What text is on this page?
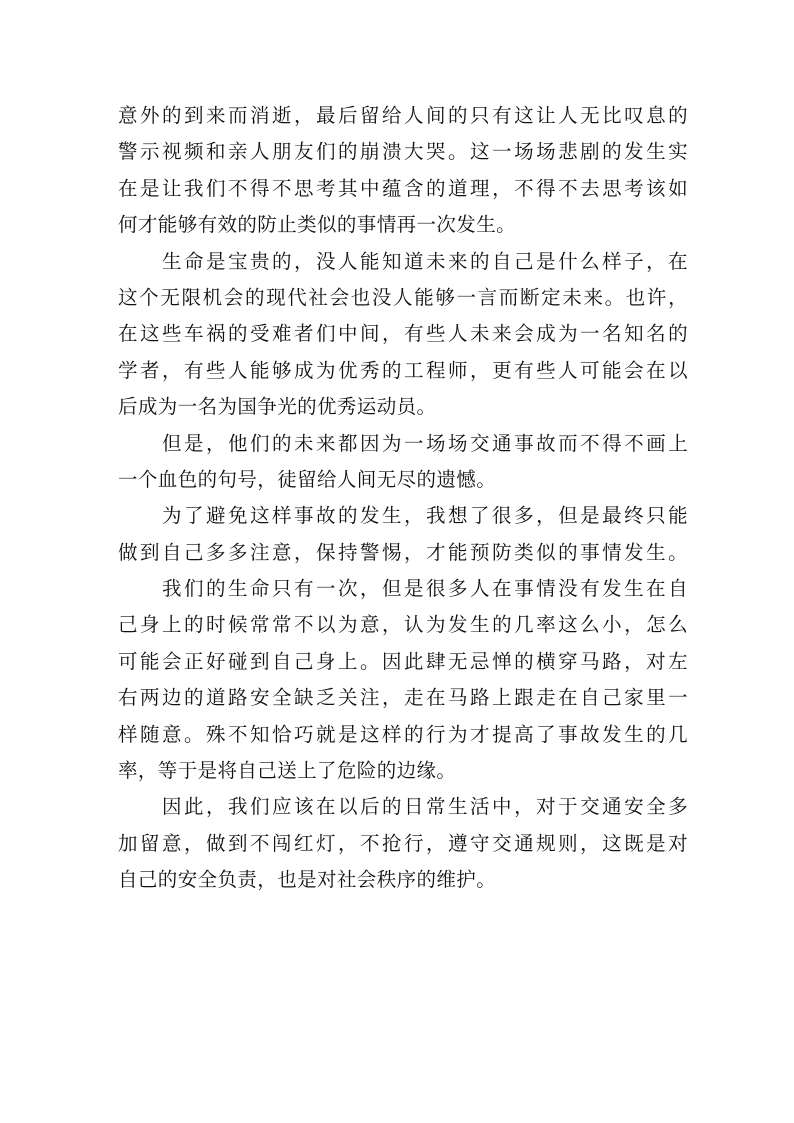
意外的到来而消逝，最后留给人间的只有这让人无比叹息的
警示视频和亲人朋友们的崩溃大哭。这一场场悲剧的发生实
在是让我们不得不思考其中蕴含的道理，不得不去思考该如
何才能够有效的防止类似的事情再一次发生。
生命是宝贵的，没人能知道未来的自己是什么样子，在
这个无限机会的现代社会也没人能够一言而断定未来。也许，
在这些车祸的受难者们中间，有些人未来会成为一名知名的
学者，有些人能够成为优秀的工程师，更有些人可能会在以
后成为一名为国争光的优秀运动员。
但是，他们的未来都因为一场场交通事故而不得不画上
一个血色的句号，徒留给人间无尽的遗憾。
为了避免这样事故的发生，我想了很多，但是最终只能
做到自己多多注意，保持警惕，才能预防类似的事情发生。
我们的生命只有一次，但是很多人在事情没有发生在自
己身上的时候常常不以为意，认为发生的几率这么小，怎么
可能会正好碰到自己身上。因此肆无忌惮的横穿马路，对左
右两边的道路安全缺乏关注，走在马路上跟走在自己家里一
样随意。殊不知恰巧就是这样的行为才提高了事故发生的几
率，等于是将自己送上了危险的边缘。
因此，我们应该在以后的日常生活中，对于交通安全多
加留意，做到不闯红灯，不抢行，遵守交通规则，这既是对
自己的安全负责，也是对社会秩序的维护。
